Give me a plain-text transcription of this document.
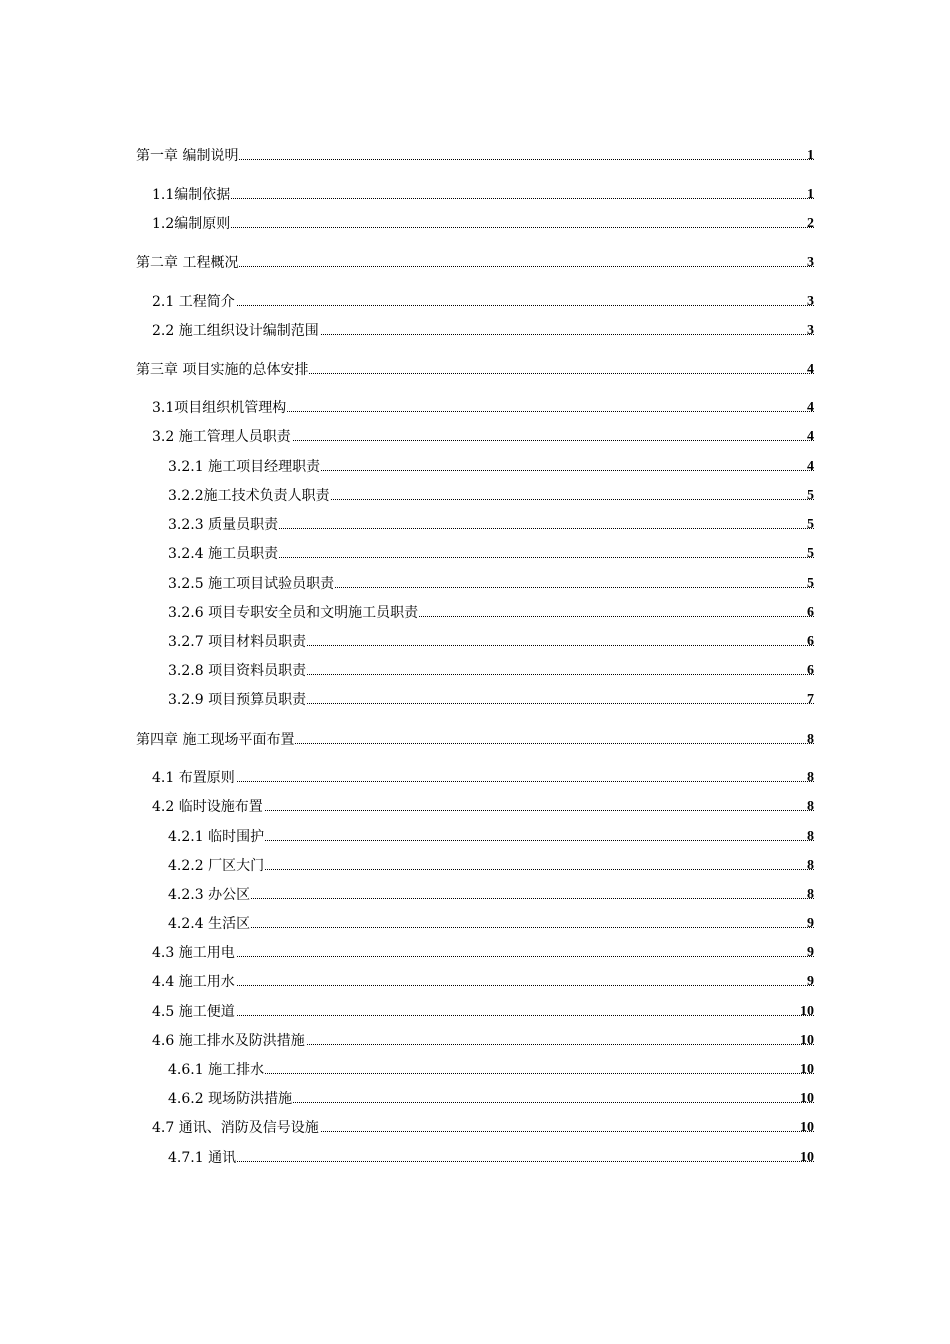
第一章 编制说明	1
1.1编制依据	1
1.2编制原则	2
第二章 工程概况	3
2.1 工程简介	3
2.2 施工组织设计编制范围	3
第三章 项目实施的总体安排	4
3.1项目组织机管理构	4
3.2 施工管理人员职责	4
3.2.1 施工项目经理职责	4
3.2.2施工技术负责人职责	5
3.2.3 质量员职责	5
3.2.4 施工员职责	5
3.2.5 施工项目试验员职责	5
3.2.6 项目专职安全员和文明施工员职责	6
3.2.7 项目材料员职责	6
3.2.8 项目资料员职责	6
3.2.9 项目预算员职责	7
第四章 施工现场平面布置	8
4.1 布置原则	8
4.2 临时设施布置	8
4.2.1 临时围护	8
4.2.2 厂区大门	8
4.2.3 办公区	8
4.2.4 生活区	9
4.3 施工用电	9
4.4 施工用水	9
4.5 施工便道	10
4.6 施工排水及防洪措施	10
4.6.1 施工排水	10
4.6.2 现场防洪措施	10
4.7 通讯、消防及信号设施	10
4.7.1 通讯	10
